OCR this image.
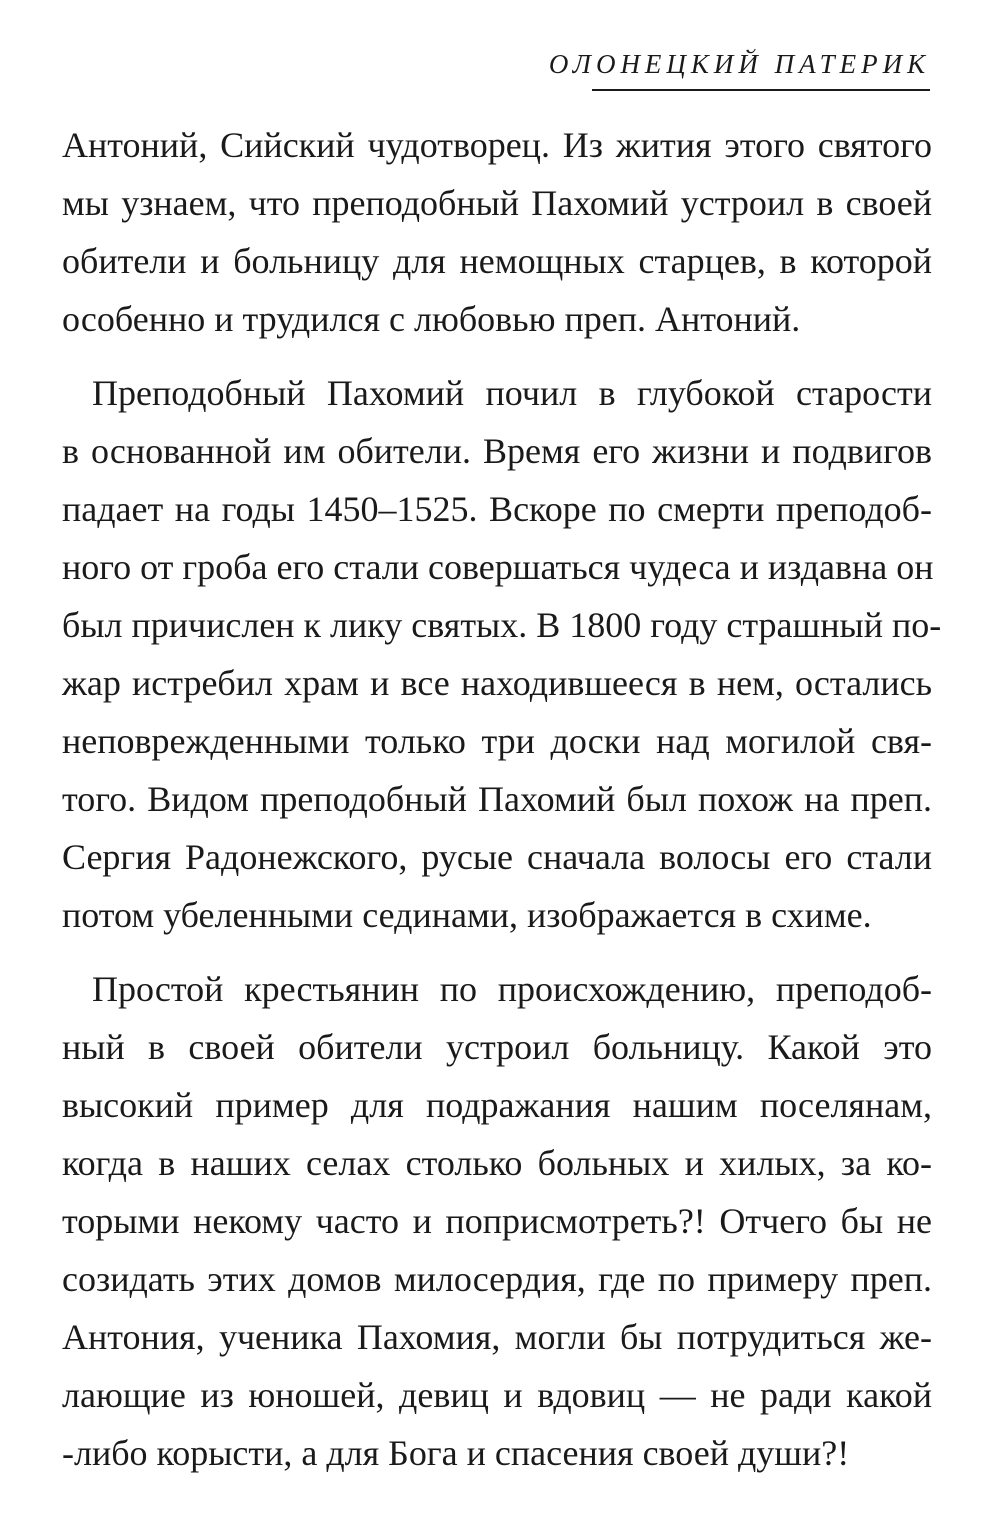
ОЛОНЕЦКИЙ ПАТЕРИК
Антоний, Сийский чудотворец. Из жития этого святого
мы узнаем, что преподобный Пахомий устроил в своей
обители и больницу для немощных старцев, в которой
особенно и трудился с любовью преп. Антоний.
Преподобный Пахомий почил в глубокой старости
в основанной им обители. Время его жизни и подвигов
падает на годы 1450–1525. Вскоре по смерти преподоб-
ного от гроба его стали совершаться чудеса и издавна он
был причислен к лику святых. В 1800 году страшный по-
жар истребил храм и все находившееся в нем, остались
неповрежденными только три доски над могилой свя-
того. Видом преподобный Пахомий был похож на преп.
Сергия Радонежского, русые сначала волосы его стали
потом убеленными сединами, изображается в схиме.
Простой крестьянин по происхождению, преподоб-
ный в своей обители устроил больницу. Какой это
высокий пример для подражания нашим поселянам,
когда в наших селах столько больных и хилых, за ко-
торыми некому часто и поприсмотреть?! Отчего бы не
созидать этих домов милосердия, где по примеру преп.
Антония, ученика Пахомия, могли бы потрудиться же-
лающие из юношей, девиц и вдовиц — не ради какой
-либо корысти, а для Бога и спасения своей души?!
